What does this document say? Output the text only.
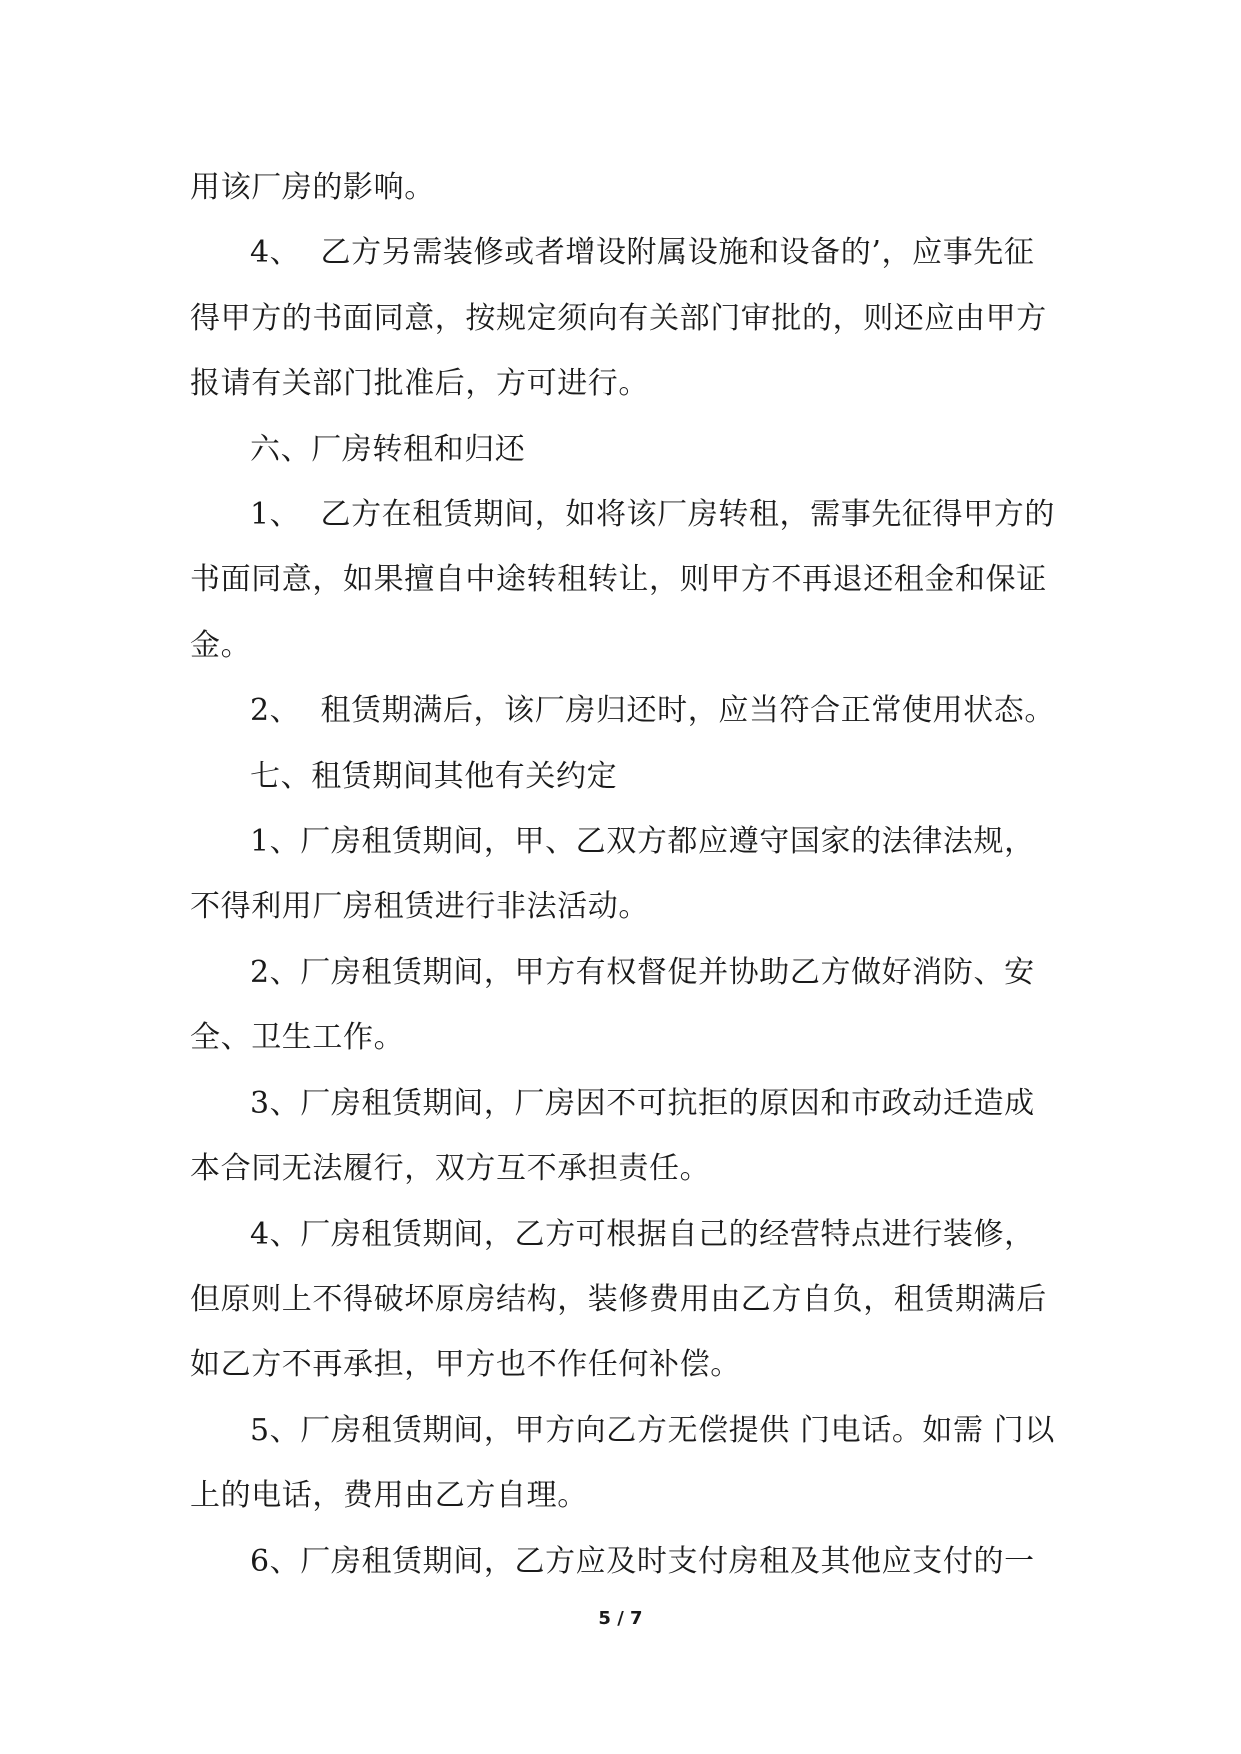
用该厂房的影响。

4、  乙方另需装修或者增设附属设施和设备的’，应事先征得甲方的书面同意，按规定须向有关部门审批的，则还应由甲方报请有关部门批准后，方可进行。

六、厂房转租和归还

1、  乙方在租赁期间，如将该厂房转租，需事先征得甲方的书面同意，如果擅自中途转租转让，则甲方不再退还租金和保证金。

2、  租赁期满后，该厂房归还时，应当符合正常使用状态。

七、租赁期间其他有关约定

1、厂房租赁期间，甲、乙双方都应遵守国家的法律法规，不得利用厂房租赁进行非法活动。

2、厂房租赁期间，甲方有权督促并协助乙方做好消防、安全、卫生工作。

3、厂房租赁期间，厂房因不可抗拒的原因和市政动迁造成本合同无法履行，双方互不承担责任。

4、厂房租赁期间，乙方可根据自己的经营特点进行装修，但原则上不得破坏原房结构，装修费用由乙方自负，租赁期满后如乙方不再承担，甲方也不作任何补偿。

5、厂房租赁期间，甲方向乙方无偿提供 门电话。如需 门以上的电话，费用由乙方自理。

6、厂房租赁期间，乙方应及时支付房租及其他应支付的一

5 / 7
